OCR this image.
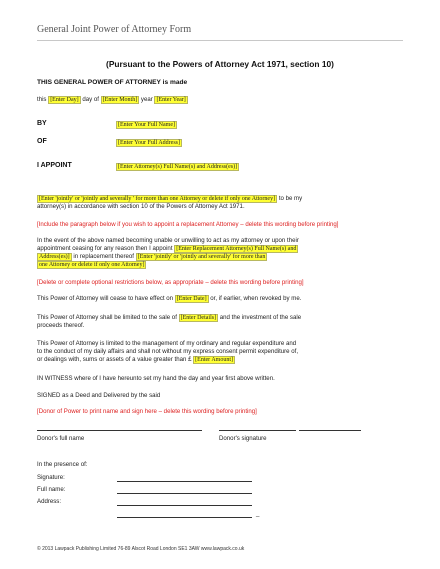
General Joint Power of Attorney Form
(Pursuant to the Powers of Attorney Act 1971, section 10)
THIS GENERAL POWER OF ATTORNEY is made
this [Enter Day] day of [Enter Month] year [Enter Year]
BY	[Enter Your Full Name]
OF	[Enter Your Full Address]
I APPOINT	[Enter Attorney(s) Full Name(s) and Address(es)]
[Enter 'jointly' or 'jointly and severally ' for more than one Attorney or delete if only one Attorney] to be my
attorney(s) in accordance with section 10 of the Powers of Attorney Act 1971.
[Include the paragraph below if you wish to appoint a replacement Attorney – delete this wording before printing]
In the event of the above named becoming unable or unwilling to act as my attorney or upon their
appointment ceasing for any reason then I appoint [Enter Replacement Attorney(s) Full Name(s) and
Address(es)] in replacement thereof [Enter 'jointly' or 'jointly and severally' for more than
one Attorney or delete if only one Attorney]
[Delete or complete optional restrictions below, as appropriate – delete this wording before printing]
This Power of Attorney will cease to have effect on [Enter Date] or, if earlier, when revoked by me.
This Power of Attorney shall be limited to the sale of [Enter Details] and the investment of the sale
proceeds thereof.
This Power of Attorney is limited to the management of my ordinary and regular expenditure and
to the conduct of my daily affairs and shall not without my express consent permit expenditure of,
or dealings with, sums or assets of a value greater than £ [Enter Amount]
IN WITNESS where of I have hereunto set my hand the day and year first above written.
SIGNED as a Deed and Delivered by the said
[Donor of Power to print name and sign here – delete this wording before printing]
Donor's full name	Donor's signature
In the presence of:
Signature:
Full name:
Address:
_
© 2013 Lawpack Publishing Limited 76-89 Alscot Road London SE1 3AW www.lawpack.co.uk
